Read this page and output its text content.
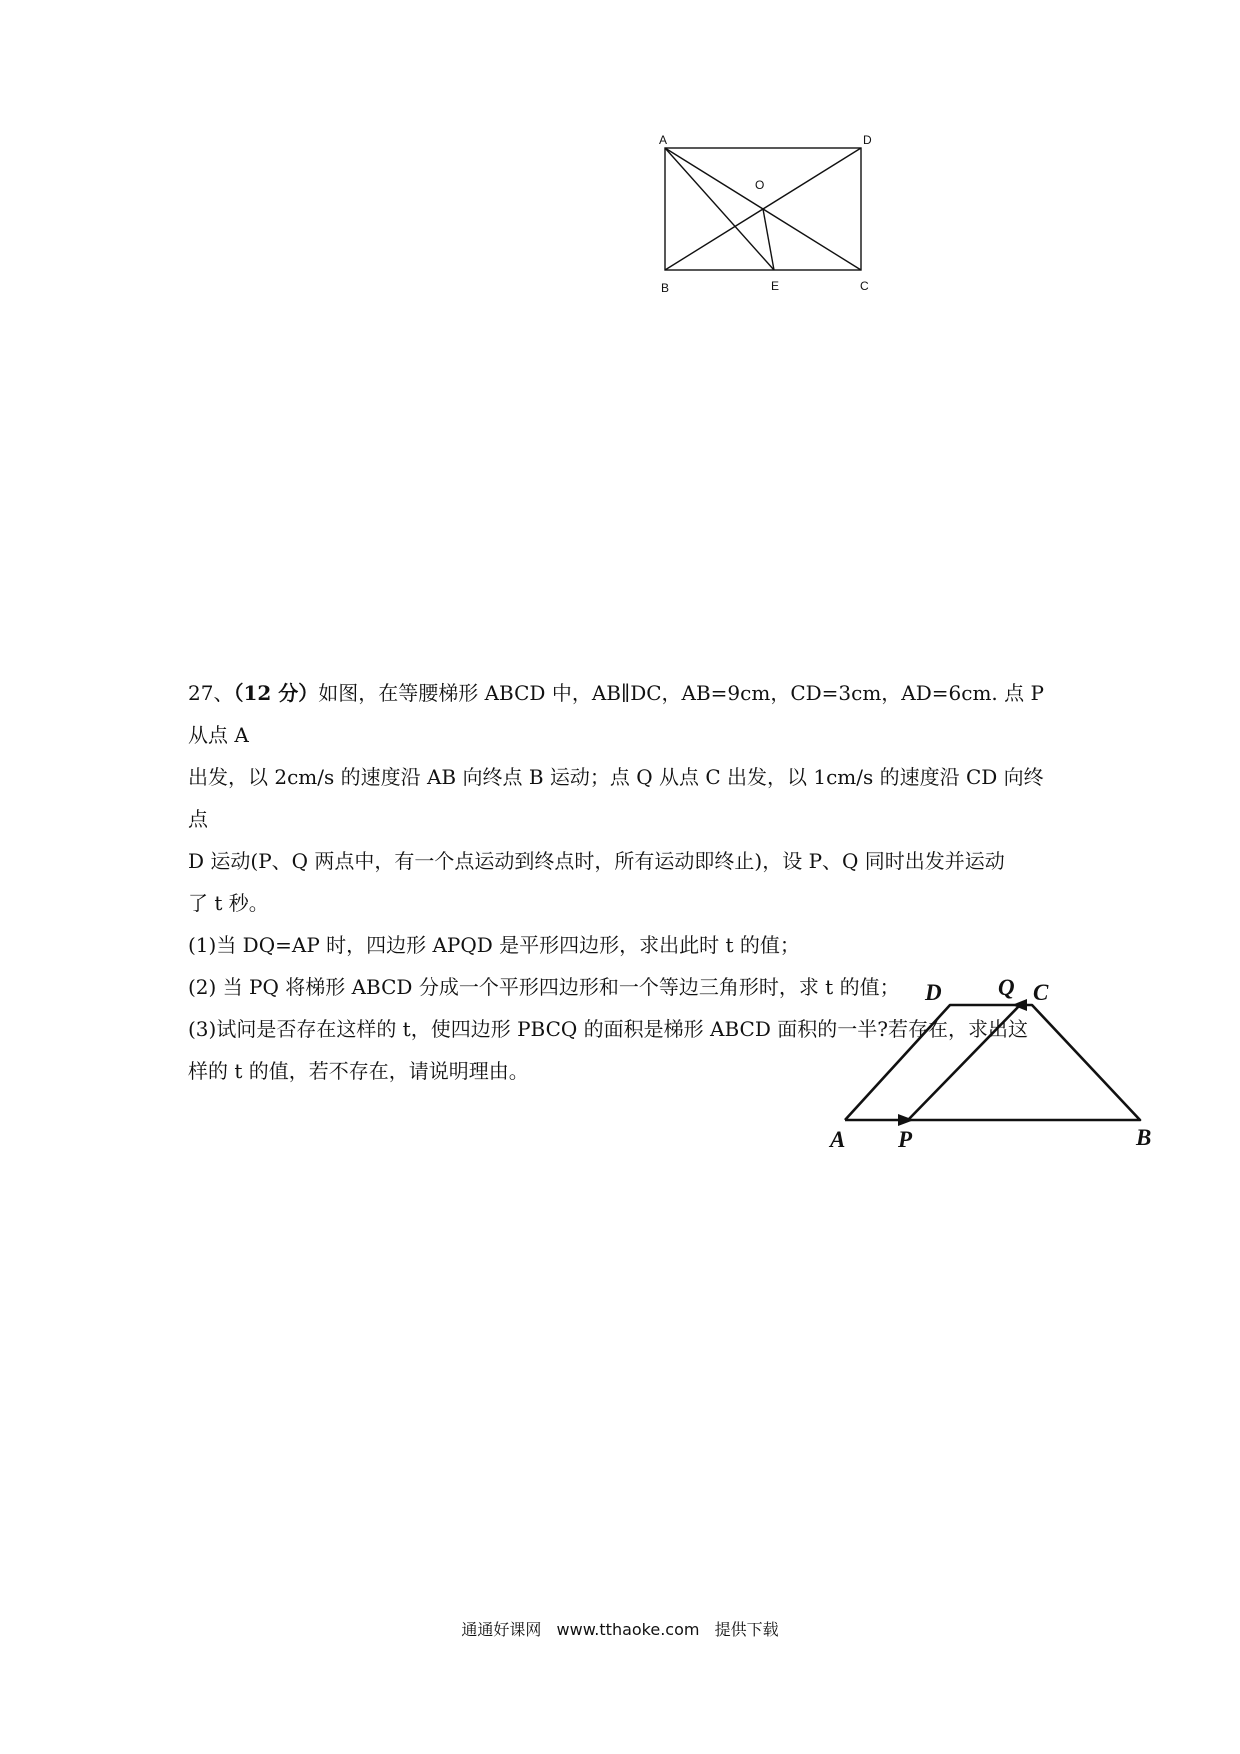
A	D
O
B	E	C

27、（12 分）如图，在等腰梯形 ABCD 中，AB∥DC，AB=9cm，CD=3cm，AD=6cm. 点 P 从点 A

出发，以 2cm/s 的速度沿 AB 向终点 B 运动；点 Q 从点 C 出发，以 1cm/s 的速度沿 CD 向终点

D 运动(P、Q 两点中，有一个点运动到终点时，所有运动即终止)，设 P、Q 同时出发并运动

了 t 秒。

(1)当 DQ=AP 时，四边形 APQD 是平形四边形，求出此时 t 的值；

(2) 当 PQ 将梯形 ABCD 分成一个平形四边形和一个等边三角形时，求 t 的值；

(3)试问是否存在这样的 t，使四边形 PBCQ 的面积是梯形 ABCD 面积的一半?若存在，求出这

样的 t 的值，若不存在，请说明理由。

D Q C
A P	B
通通好课网 www.tthaoke.com 提供下载
